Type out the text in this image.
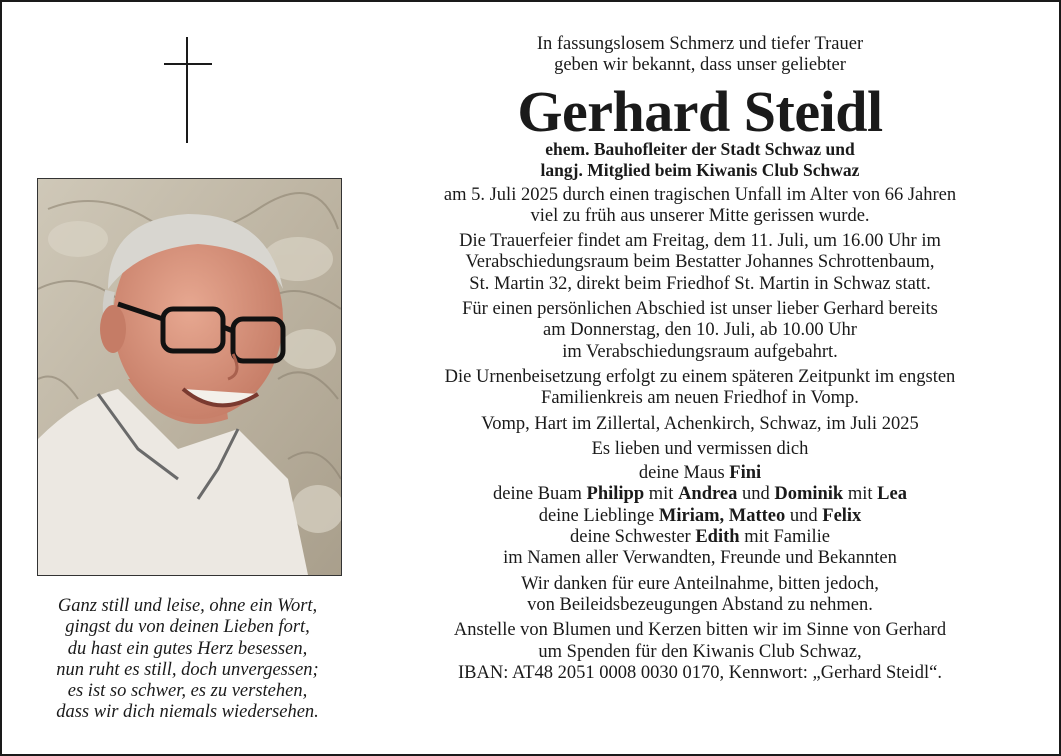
Ganz still und leise, ohne ein Wort,
gingst du von deinen Lieben fort,
du hast ein gutes Herz besessen,
nun ruht es still, doch unvergessen;
es ist so schwer, es zu verstehen,
dass wir dich niemals wiedersehen.
In fassungslosem Schmerz und tiefer Trauer
geben wir bekannt, dass unser geliebter
Gerhard Steidl
ehem. Bauhofleiter der Stadt Schwaz und
langj. Mitglied beim Kiwanis Club Schwaz
am 5. Juli 2025 durch einen tragischen Unfall im Alter von 66 Jahren
viel zu früh aus unserer Mitte gerissen wurde.
Die Trauerfeier findet am Freitag, dem 11. Juli, um 16.00 Uhr im
Verabschiedungsraum beim Bestatter Johannes Schrottenbaum,
St. Martin 32, direkt beim Friedhof St. Martin in Schwaz statt.
Für einen persönlichen Abschied ist unser lieber Gerhard bereits
am Donnerstag, den 10. Juli, ab 10.00 Uhr
im Verabschiedungsraum aufgebahrt.
Die Urnenbeisetzung erfolgt zu einem späteren Zeitpunkt im engsten
Familienkreis am neuen Friedhof in Vomp.
Vomp, Hart im Zillertal, Achenkirch, Schwaz, im Juli 2025
Es lieben und vermissen dich
deine Maus Fini
deine Buam Philipp mit Andrea und Dominik mit Lea
deine Lieblinge Miriam, Matteo und Felix
deine Schwester Edith mit Familie
im Namen aller Verwandten, Freunde und Bekannten
Wir danken für eure Anteilnahme, bitten jedoch,
von Beileidsbezeugungen Abstand zu nehmen.
Anstelle von Blumen und Kerzen bitten wir im Sinne von Gerhard
um Spenden für den Kiwanis Club Schwaz,
IBAN: AT48 2051 0008 0030 0170, Kennwort: „Gerhard Steidl“.
